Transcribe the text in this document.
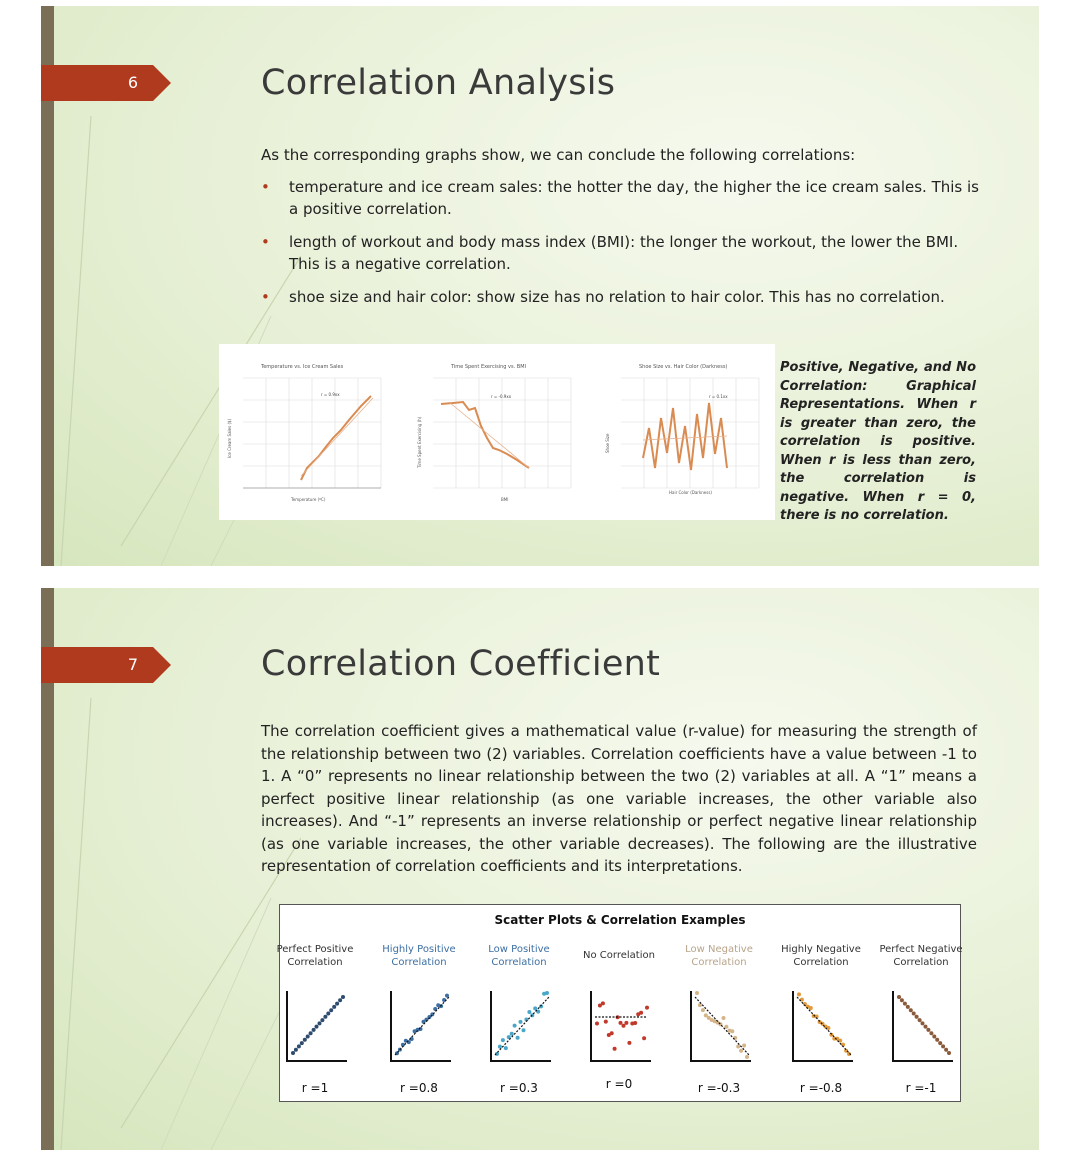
6	Correlation Analysis
As the corresponding graphs show, we can conclude the following correlations:
• temperature and ice cream sales: the hotter the day, the higher the ice cream sales. This is a positive correlation.
• length of workout and body mass index (BMI): the longer the workout, the lower the BMI. This is a negative correlation.
• shoe size and hair color: show size has no relation to hair color. This has no correlation.
Temperature vs. Ice Cream Sales
r = 0.9xx
Temperature (ºC)
Ice Cream Sales ($)
Time Spent Exercising vs. BMI
r = -0.9xx
BMI
Time Spent Exercising (h)
Shoe Size vs. Hair Color (Darkness)
r = 0.1xx
Hair Color (Darkness)
Shoe Size
Positive, Negative, and No Correlation: Graphical Representations. When r is greater than zero, the correlation is positive. When r is less than zero, the correlation is negative. When r = 0, there is no correlation.
7	Correlation Coefficient
The correlation coefficient gives a mathematical value (r-value) for measuring the strength of the relationship between two (2) variables. Correlation coefficients have a value between -1 to 1. A “0” represents no linear relationship between the two (2) variables at all. A “1” means a perfect positive linear relationship (as one variable increases, the other variable also increases). And “-1” represents an inverse relationship or perfect negative linear relationship (as one variable increases, the other variable decreases). The following are the illustrative representation of correlation coefficients and its interpretations.
Scatter Plots & Correlation Examples
Perfect Positive Correlation
r =1
Highly Positive Correlation
r =0.8
Low Positive Correlation
r =0.3
No Correlation
r =0
Low Negative Correlation
r =-0.3
Highly Negative Correlation
r =-0.8
Perfect Negative Correlation
r =-1
